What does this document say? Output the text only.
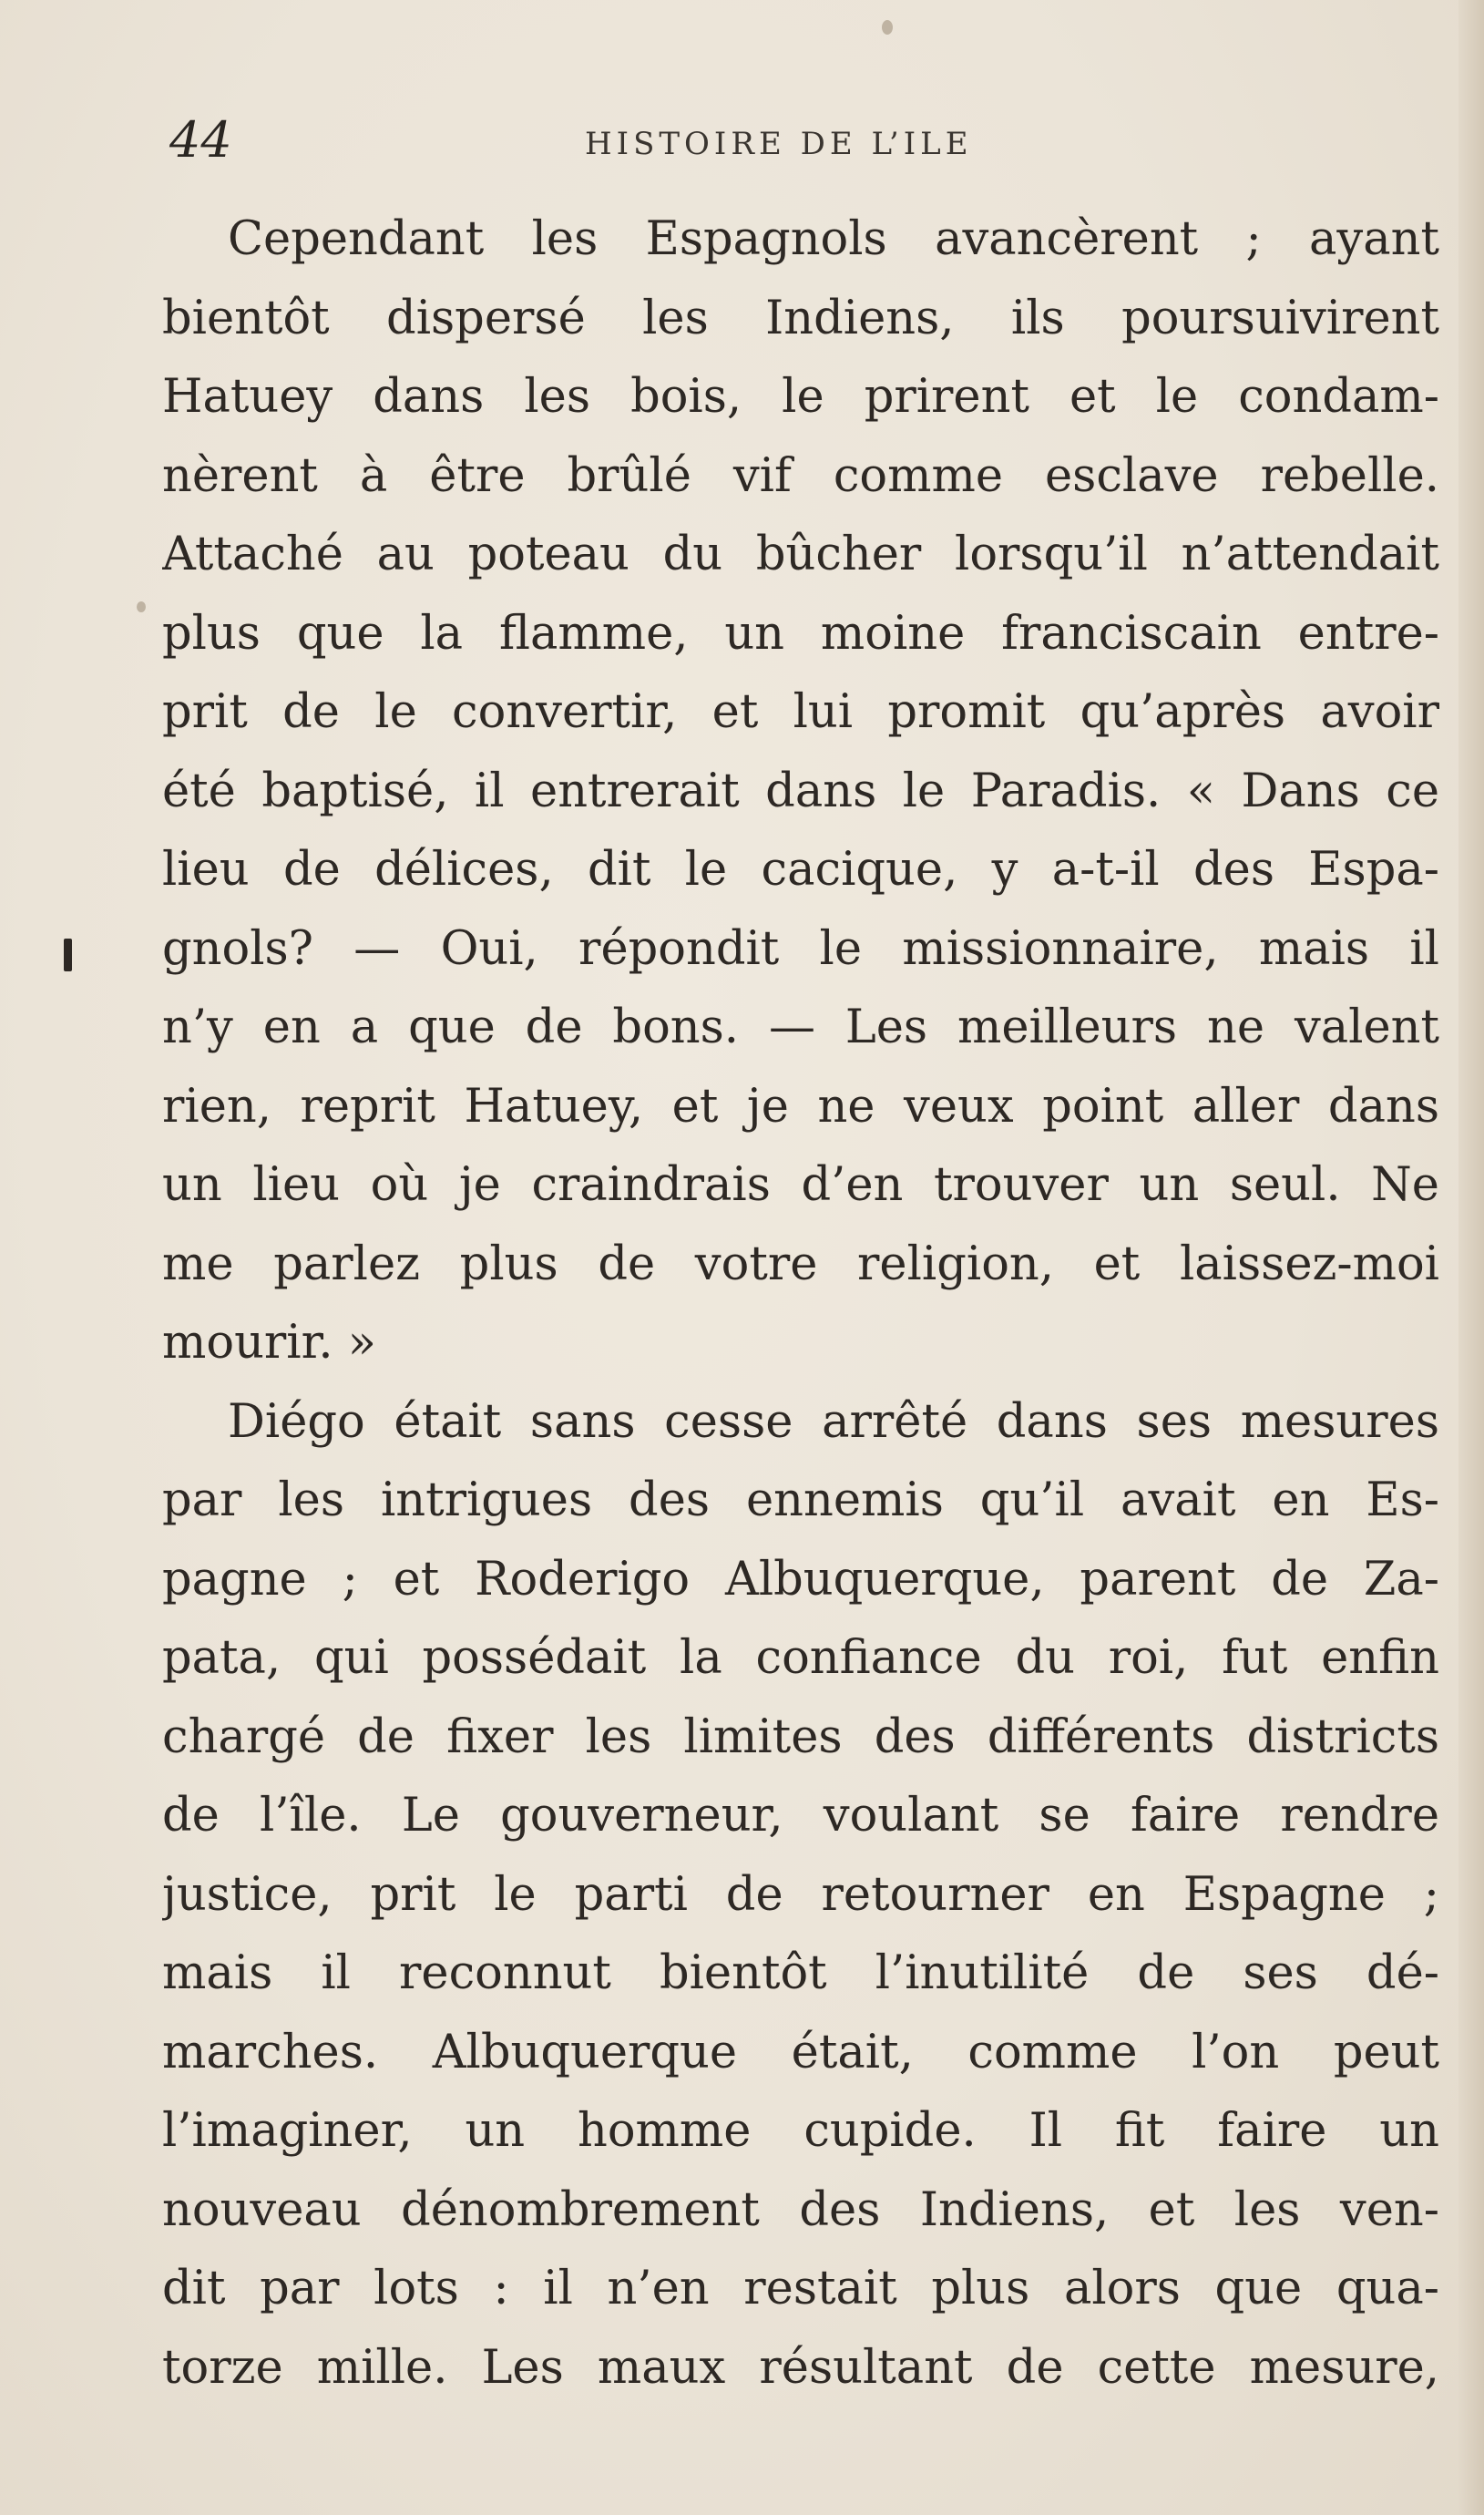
44	HISTOIRE DE L’ILE
Cependant les Espagnols avancèrent ; ayant
bientôt dispersé les Indiens, ils poursuivirent
Hatuey dans les bois, le prirent et le condam-
nèrent à être brûlé vif comme esclave rebelle.
Attaché au poteau du bûcher lorsqu’il n’attendait
plus que la flamme, un moine franciscain entre-
prit de le convertir, et lui promit qu’après avoir
été baptisé, il entrerait dans le Paradis. « Dans ce
lieu de délices, dit le cacique, y a-t-il des Espa-
gnols? — Oui, répondit le missionnaire, mais il
n’y en a que de bons. — Les meilleurs ne valent
rien, reprit Hatuey, et je ne veux point aller dans
un lieu où je craindrais d’en trouver un seul. Ne
me parlez plus de votre religion, et laissez-moi
mourir. »
Diégo était sans cesse arrêté dans ses mesures
par les intrigues des ennemis qu’il avait en Es-
pagne ; et Roderigo Albuquerque, parent de Za-
pata, qui possédait la confiance du roi, fut enfin
chargé de fixer les limites des différents districts
de l’île. Le gouverneur, voulant se faire rendre
justice, prit le parti de retourner en Espagne ;
mais il reconnut bientôt l’inutilité de ses dé-
marches. Albuquerque était, comme l’on peut
l’imaginer, un homme cupide. Il fit faire un
nouveau dénombrement des Indiens, et les ven-
dit par lots : il n’en restait plus alors que qua-
torze mille. Les maux résultant de cette mesure,
